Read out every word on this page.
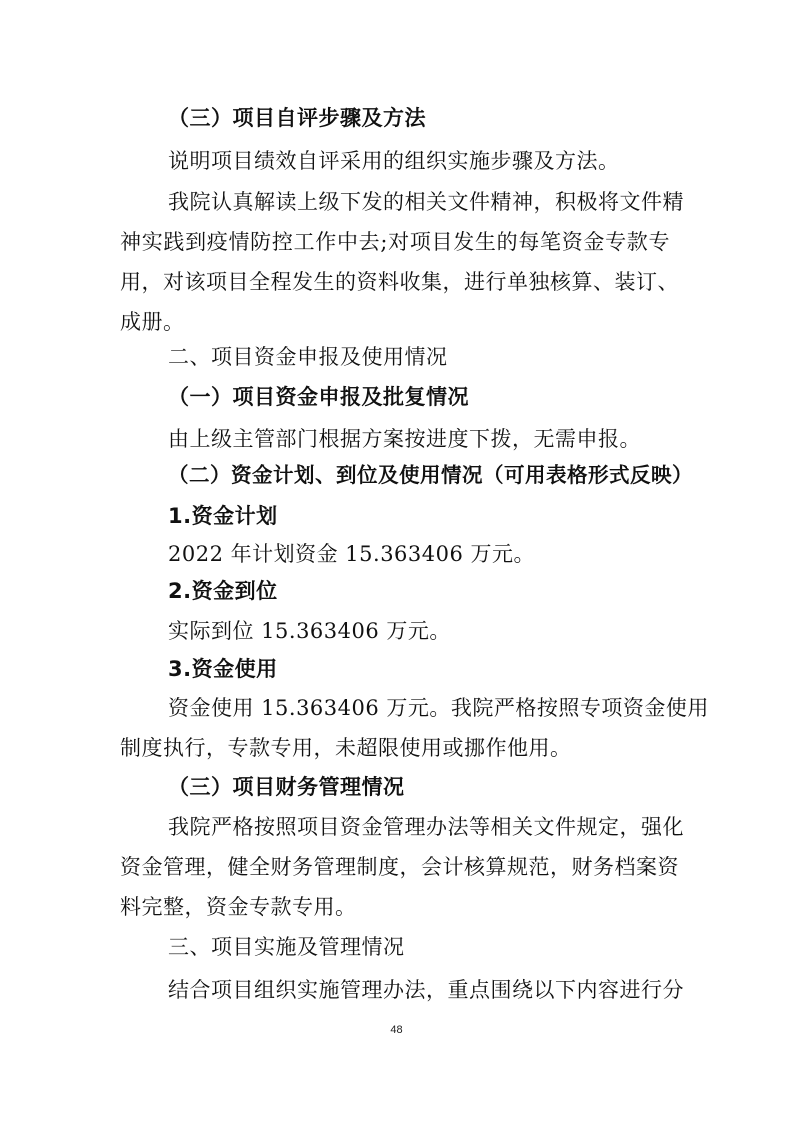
（三）项目自评步骤及方法
说明项目绩效自评采用的组织实施步骤及方法。
我院认真解读上级下发的相关文件精神，积极将文件精
神实践到疫情防控工作中去;对项目发生的每笔资金专款专
用，对该项目全程发生的资料收集，进行单独核算、装订、
成册。
二、项目资金申报及使用情况
（一）项目资金申报及批复情况
由上级主管部门根据方案按进度下拨，无需申报。
（二）资金计划、到位及使用情况（可用表格形式反映）
1.资金计划
2022 年计划资金 15.363406 万元。
2.资金到位
实际到位 15.363406 万元。
3.资金使用
资金使用 15.363406 万元。我院严格按照专项资金使用
制度执行，专款专用，未超限使用或挪作他用。
（三）项目财务管理情况
我院严格按照项目资金管理办法等相关文件规定，强化
资金管理，健全财务管理制度，会计核算规范，财务档案资
料完整，资金专款专用。
三、项目实施及管理情况
结合项目组织实施管理办法，重点围绕以下内容进行分
48
